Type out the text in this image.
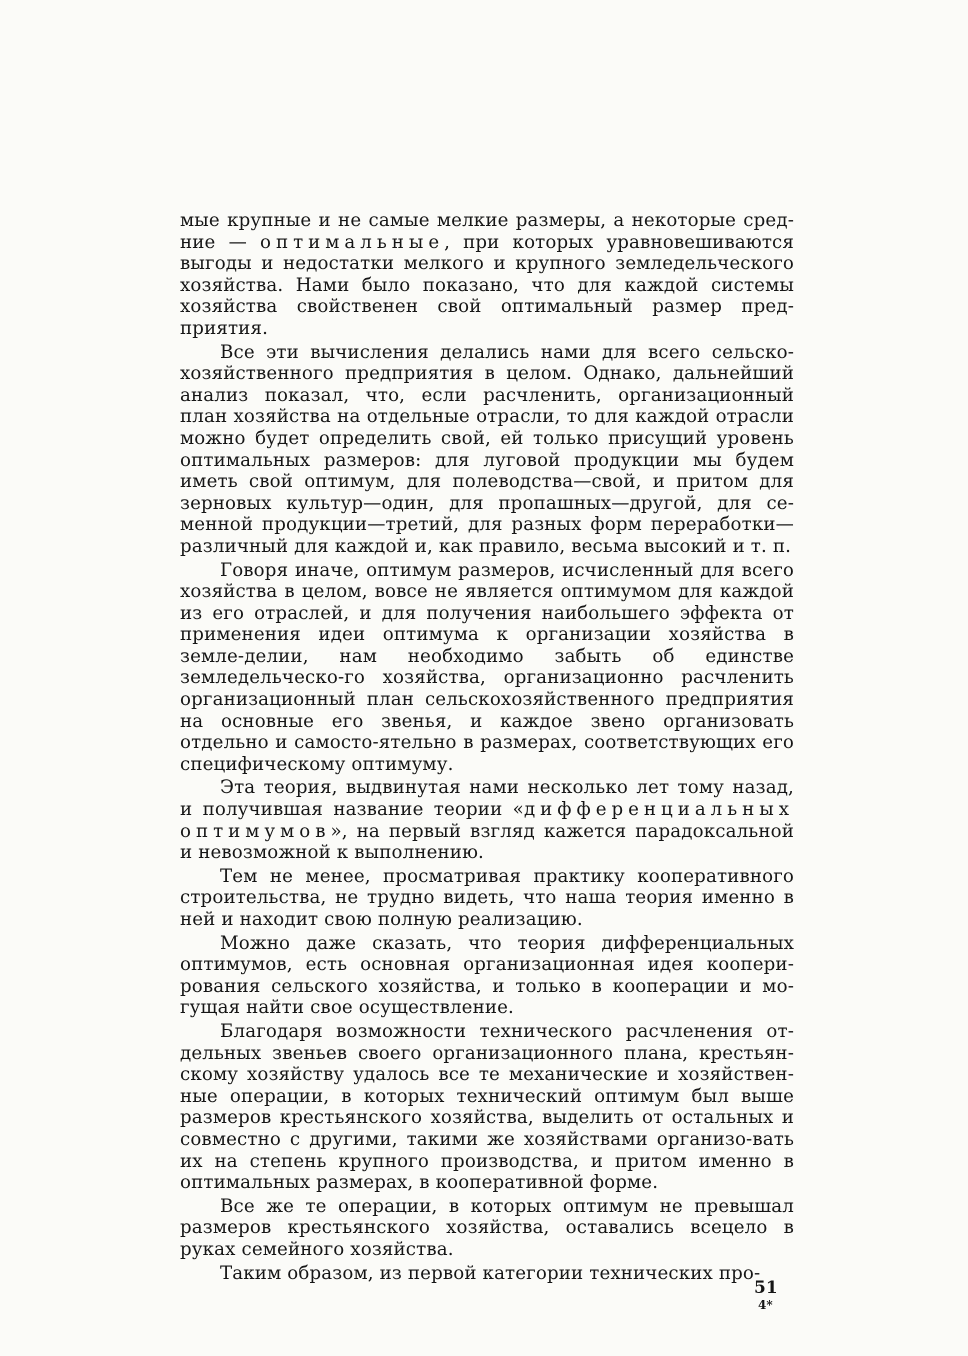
мые крупные и не самые мелкие размеры, а некоторые сред-ние — оптимальные, при которых уравновешиваются выгоды и недостатки мелкого и крупного земледельческого хозяйства. Нами было показано, что для каждой системы хозяйства свойственен свой оптимальный размер пред-приятия.

Все эти вычисления делались нами для всего сельско-хозяйственного предприятия в целом. Однако, дальнейший анализ показал, что, если расчленить, организационный план хозяйства на отдельные отрасли, то для каждой отрасли можно будет определить свой, ей только присущий уровень оптимальных размеров: для луговой продукции мы будем иметь свой оптимум, для полеводства—свой, и притом для зерновых культур—один, для пропашных—другой, для се-менной продукции—третий, для разных форм переработки—различный для каждой и, как правило, весьма высокий и т. п.

Говоря иначе, оптимум размеров, исчисленный для всего хозяйства в целом, вовсе не является оптимумом для каждой из его отраслей, и для получения наибольшего эффекта от применения идеи оптимума к организации хозяйства в земле-делии, нам необходимо забыть об единстве земледельческо-го хозяйства, организационно расчленить организационный план сельскохозяйственного предприятия на основные его звенья, и каждое звено организовать отдельно и самосто-ятельно в размерах, соответствующих его специфическому оптимуму.

Эта теория, выдвинутая нами несколько лет тому назад, и получившая название теории «дифференциальных оптимумов», на первый взгляд кажется парадоксальной и невозможной к выполнению.

Тем не менее, просматривая практику кооперативного строительства, не трудно видеть, что наша теория именно в ней и находит свою полную реализацию.

Можно даже сказать, что теория дифференциальных оптимумов, есть основная организационная идея коопери-рования сельского хозяйства, и только в кооперации и мо-гущая найти свое осуществление.

Благодаря возможности технического расчленения от-дельных звеньев своего организационного плана, крестьян-скому хозяйству удалось все те механические и хозяйствен-ные операции, в которых технический оптимум был выше размеров крестьянского хозяйства, выделить от остальных и совместно с другими, такими же хозяйствами организо-вать их на степень крупного производства, и притом именно в оптимальных размерах, в кооперативной форме.

Все же те операции, в которых оптимум не превышал размеров крестьянского хозяйства, оставались всецело в руках семейного хозяйства.

Таким образом, из первой категории технических про-

51
4*
